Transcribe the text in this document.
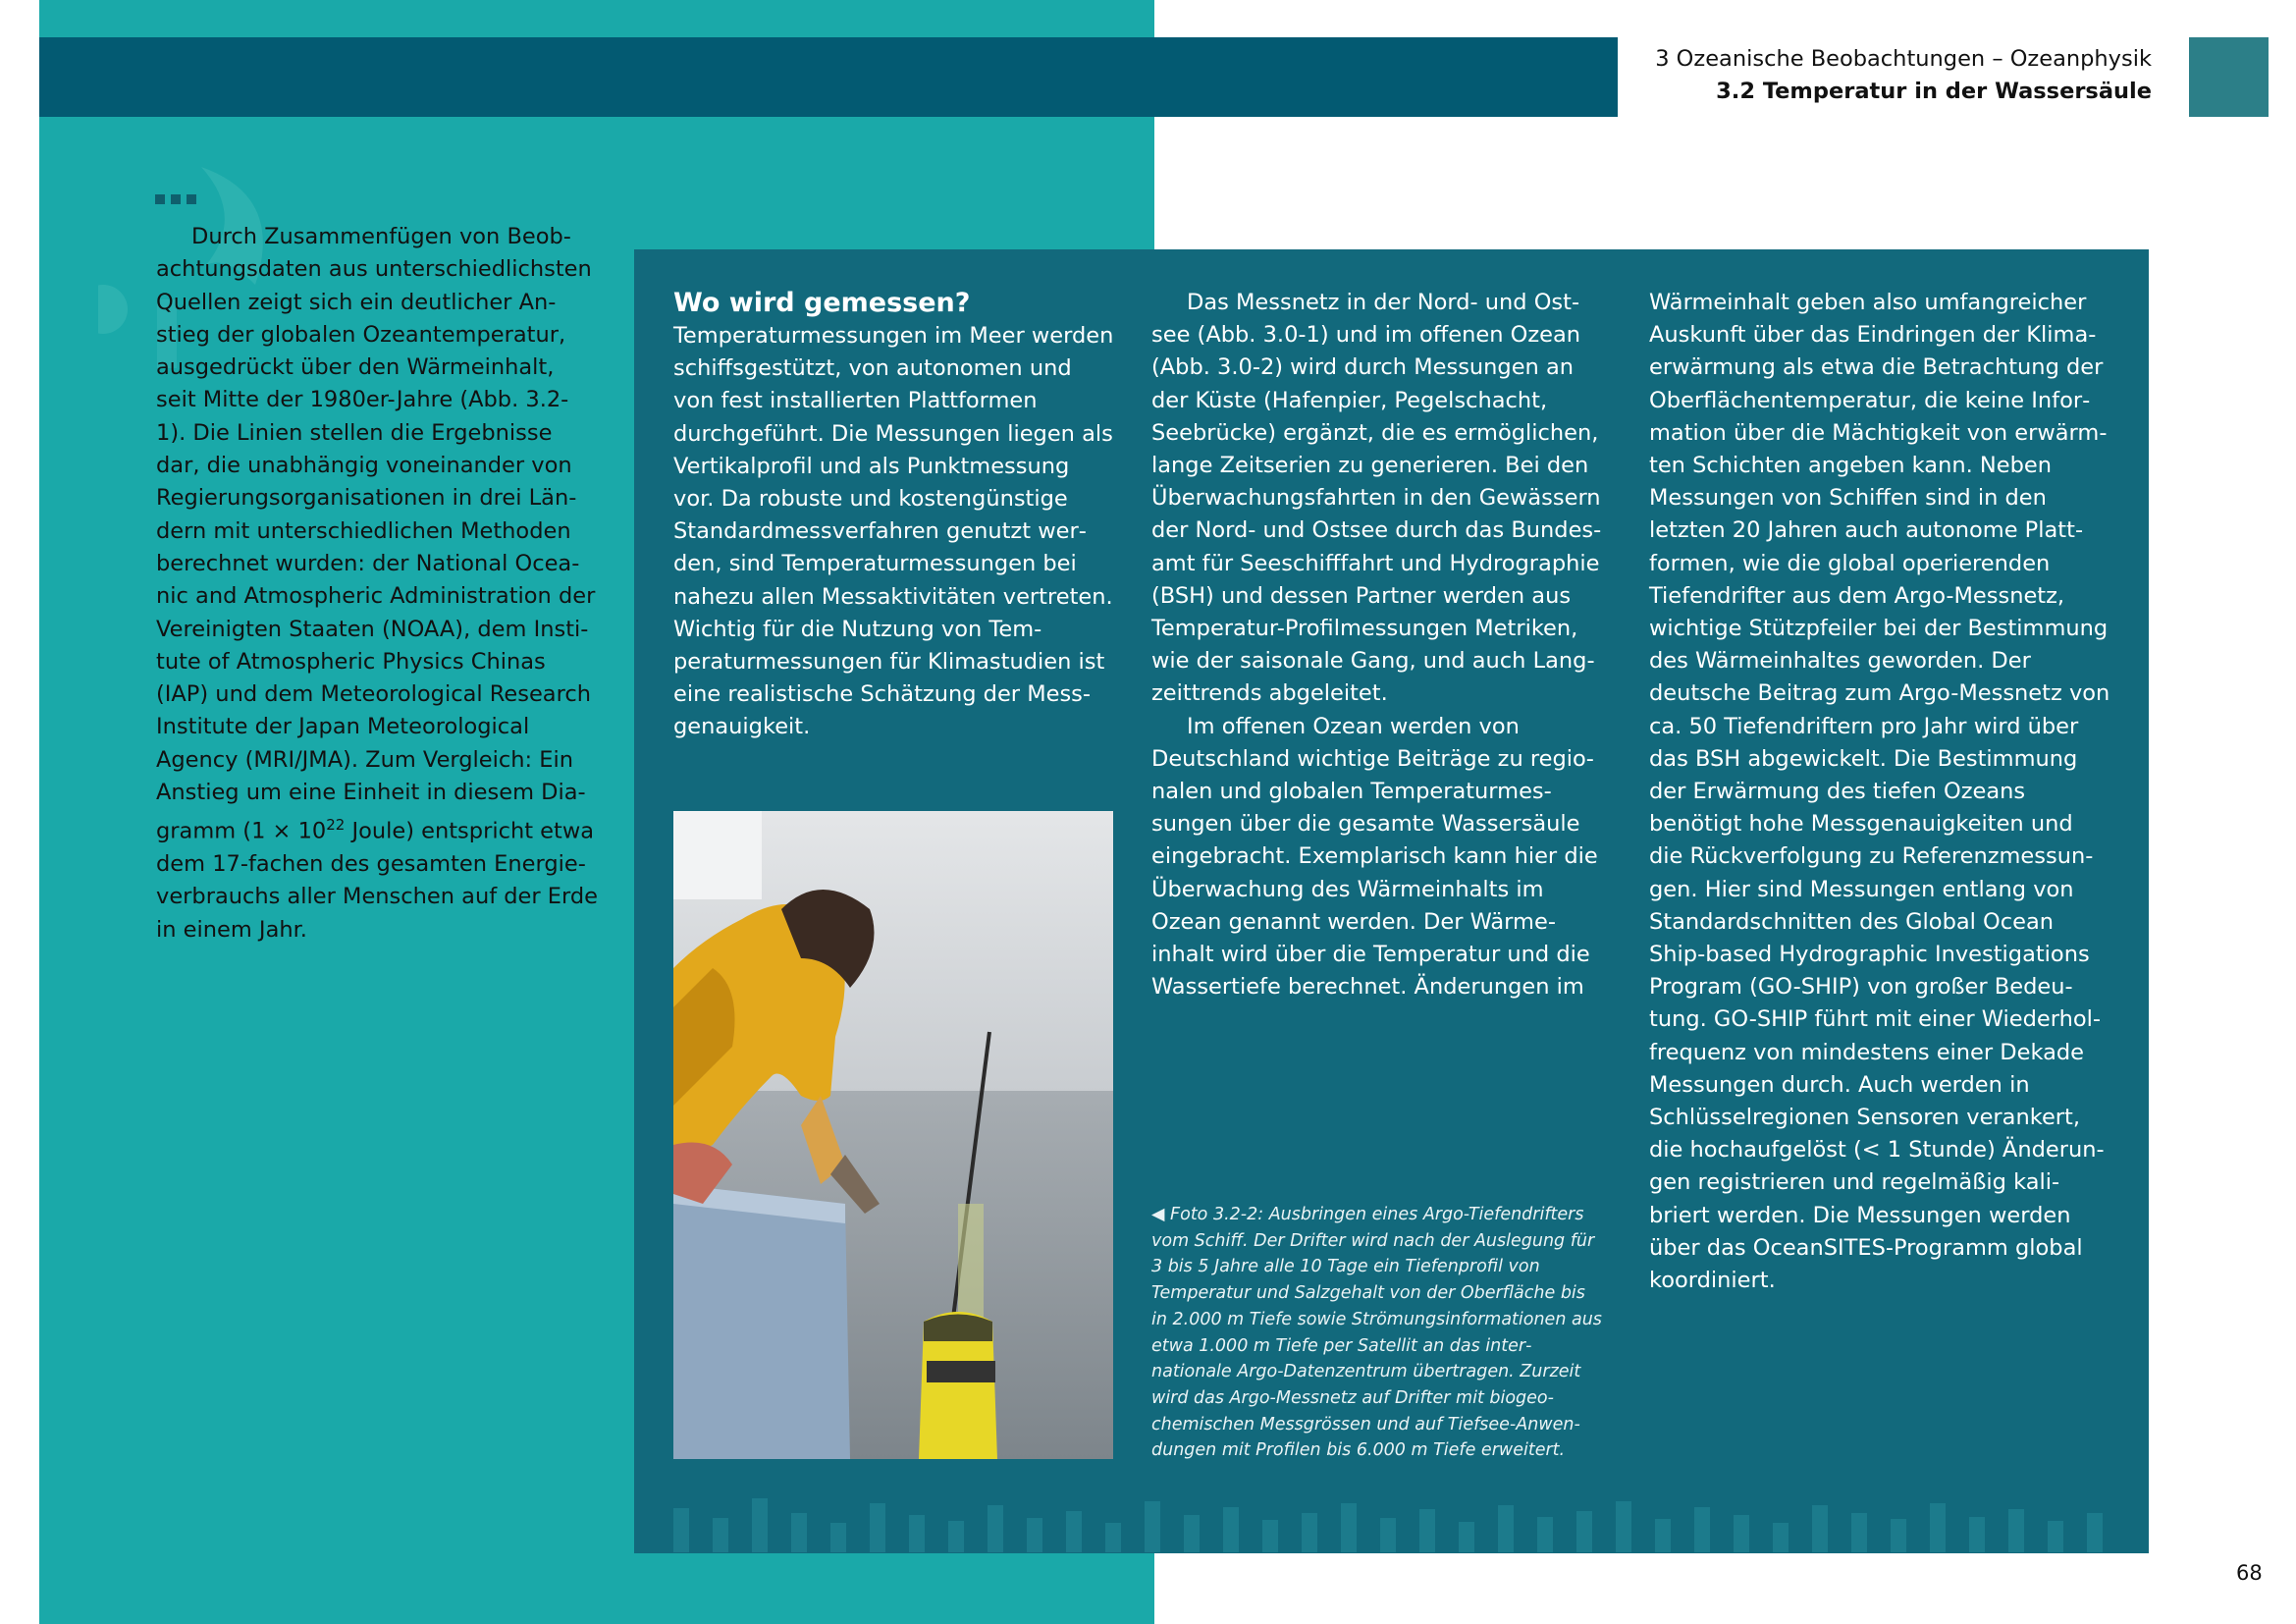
3 Ozeanische Beobachtungen – Ozeanphysik
3.2 Temperatur in der Wassersäule

Durch Zusammenfügen von Beobachtungsdaten aus unterschiedlichsten Quellen zeigt sich ein deutlicher Anstieg der globalen Ozeantemperatur, ausgedrückt über den Wärmeinhalt, seit Mitte der 1980er-Jahre (Abb. 3.2-1). Die Linien stellen die Ergebnisse dar, die unabhängig voneinander von Regierungsorganisationen in drei Ländern mit unterschiedlichen Methoden berechnet wurden: der National Oceanic and Atmospheric Administration der Vereinigten Staaten (NOAA), dem Institute of Atmospheric Physics Chinas (IAP) und dem Meteorological Research Institute der Japan Meteorological Agency (MRI/JMA). Zum Vergleich: Ein Anstieg um eine Einheit in diesem Diagramm ($1 \times 10^{22}$ Joule) entspricht etwa dem 17-fachen des gesamten Energieverbrauchs aller Menschen auf der Erde in einem Jahr.

Wo wird gemessen?

Temperaturmessungen im Meer werden schiffsgestützt, von autonomen und von fest installierten Plattformen durchgeführt. Die Messungen liegen als Vertikalprofil und als Punktmessung vor. Da robuste und kostengünstige Standardmessverfahren genutzt werden, sind Temperaturmessungen bei nahezu allen Messaktivitäten vertreten. Wichtig für die Nutzung von Temperaturmessungen für Klimastudien ist eine realistische Schätzung der Messgenauigkeit.

Das Messnetz in der Nord- und Ostsee (Abb. 3.0-1) und im offenen Ozean (Abb. 3.0-2) wird durch Messungen an der Küste (Hafenpier, Pegelschacht, Seebrücke) ergänzt, die es ermöglichen, lange Zeitserien zu generieren. Bei den Überwachungsfahrten in den Gewässern der Nord- und Ostsee durch das Bundesamt für Seeschifffahrt und Hydrographie (BSH) und dessen Partner werden aus Temperatur-Profilmessungen Metriken, wie der saisonale Gang, und auch Langzeittrends abgeleitet.

Im offenen Ozean werden von Deutschland wichtige Beiträge zu regionalen und globalen Temperaturmessungen über die gesamte Wassersäule eingebracht. Exemplarisch kann hier die Überwachung des Wärmeinhalts im Ozean genannt werden. Der Wärmeinhalt wird über die Temperatur und die Wassertiefe berechnet. Änderungen im

◀ Foto 3.2-2: Ausbringen eines Argo-Tiefendrifters vom Schiff. Der Drifter wird nach der Auslegung für 3 bis 5 Jahre alle 10 Tage ein Tiefenprofil von Temperatur und Salzgehalt von der Oberfläche bis in 2.000 m Tiefe sowie Strömungsinformationen aus etwa 1.000 m Tiefe per Satellit an das internationale Argo-Datenzentrum übertragen. Zurzeit wird das Argo-Messnetz auf Drifter mit biogeochemischen Messgrössen und auf Tiefsee-Anwendungen mit Profilen bis 6.000 m Tiefe erweitert.

Wärmeinhalt geben also umfangreicher Auskunft über das Eindringen der Klimaerwärmung als etwa die Betrachtung der Oberflächentemperatur, die keine Information über die Mächtigkeit von erwärmten Schichten angeben kann. Neben Messungen von Schiffen sind in den letzten 20 Jahren auch autonome Plattformen, wie die global operierenden Tiefendrifter aus dem Argo-Messnetz, wichtige Stützpfeiler bei der Bestimmung des Wärmeinhaltes geworden. Der deutsche Beitrag zum Argo-Messnetz von ca. 50 Tiefendriftern pro Jahr wird über das BSH abgewickelt. Die Bestimmung der Erwärmung des tiefen Ozeans benötigt hohe Messgenauigkeiten und die Rückverfolgung zu Referenzmessungen. Hier sind Messungen entlang von Standardschnitten des Global Ocean Ship-based Hydrographic Investigations Program (GO-SHIP) von großer Bedeutung. GO-SHIP führt mit einer Wiederholfrequenz von mindestens einer Dekade Messungen durch. Auch werden in Schlüsselregionen Sensoren verankert, die hochaufgelöst (< 1 Stunde) Änderungen registrieren und regelmäßig kalibriert werden. Die Messungen werden über das OceanSITES-Programm global koordiniert.

68
